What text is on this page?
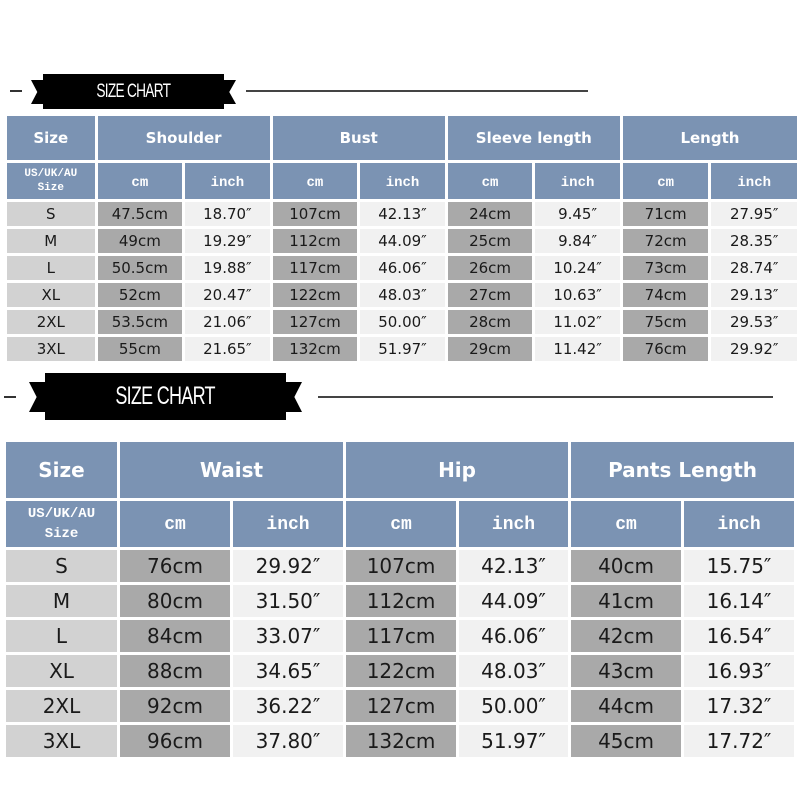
SIZE CHART
Size	Shoulder		Bust		Sleeve length		Length	

US/UK/AU
Size	cm	inch	cm	inch	cm	inch	cm	inch
S	47.5cm	18.70″	107cm	42.13″	24cm	9.45″	71cm	27.95″
M	49cm	19.29″	112cm	44.09″	25cm	9.84″	72cm	28.35″
L	50.5cm	19.88″	117cm	46.06″	26cm	10.24″	73cm	28.74″
XL	52cm	20.47″	122cm	48.03″	27cm	10.63″	74cm	29.13″
2XL	53.5cm	21.06″	127cm	50.00″	28cm	11.02″	75cm	29.53″
3XL	55cm	21.65″	132cm	51.97″	29cm	11.42″	76cm	29.92″
SIZE CHART
Size	Waist		Hip		Pants Length	

US/UK/AU
Size	cm	inch	cm	inch	cm	inch
S	76cm	29.92″	107cm	42.13″	40cm	15.75″
M	80cm	31.50″	112cm	44.09″	41cm	16.14″
L	84cm	33.07″	117cm	46.06″	42cm	16.54″
XL	88cm	34.65″	122cm	48.03″	43cm	16.93″
2XL	92cm	36.22″	127cm	50.00″	44cm	17.32″
3XL	96cm	37.80″	132cm	51.97″	45cm	17.72″
